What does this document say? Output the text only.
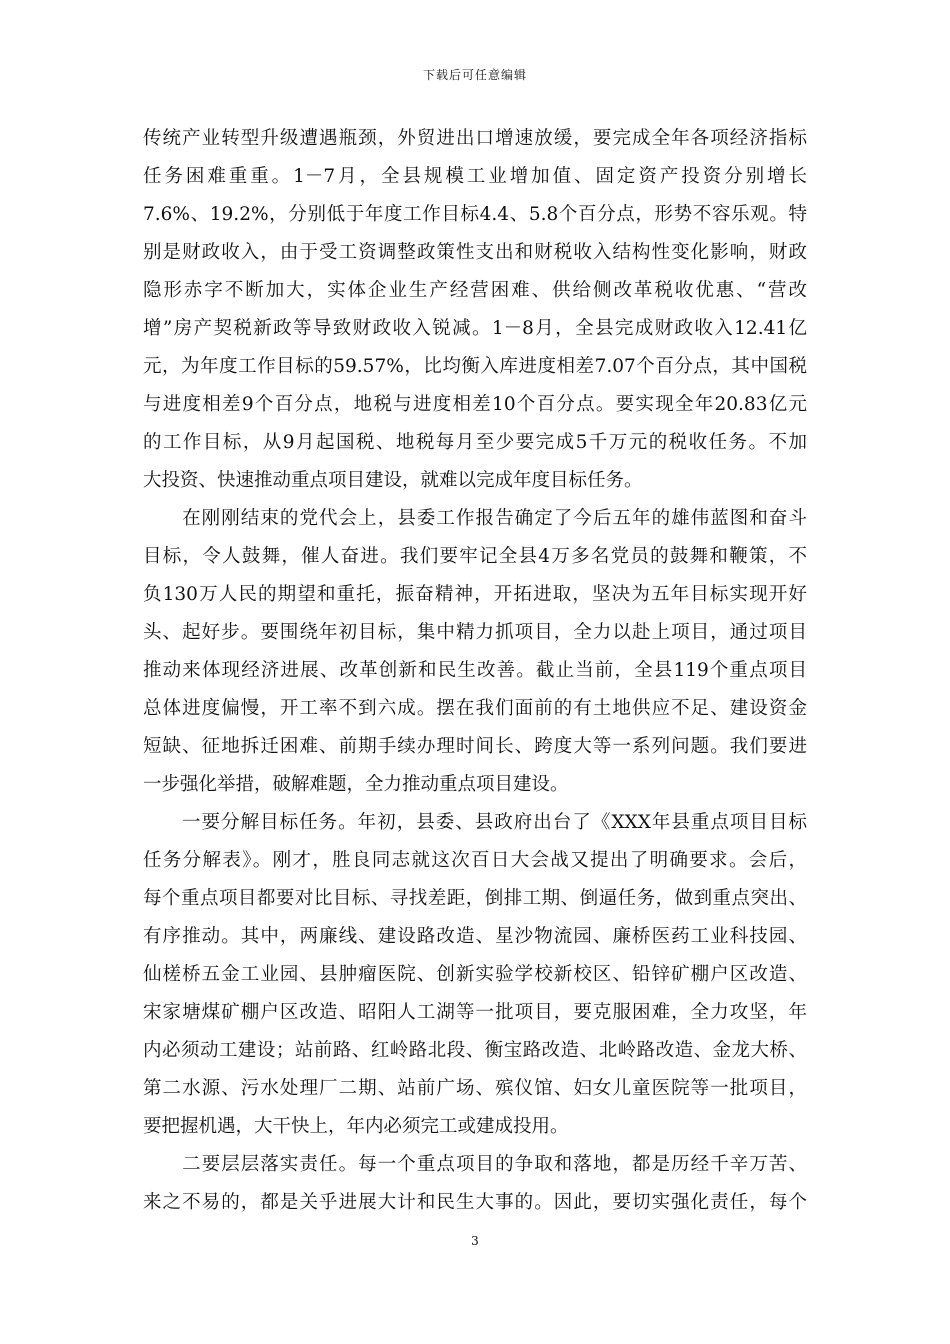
下载后可任意编辑
传统产业转型升级遭遇瓶颈，外贸进出口增速放缓，要完成全年各项经济指标
任务困难重重。1－7月，全县规模工业增加值、固定资产投资分别增长
7.6%、19.2%，分别低于年度工作目标4.4、5.8个百分点，形势不容乐观。特
别是财政收入，由于受工资调整政策性支出和财税收入结构性变化影响，财政
隐形赤字不断加大，实体企业生产经营困难、供给侧改革税收优惠、“营改
增”房产契税新政等导致财政收入锐减。1－8月，全县完成财政收入12.41亿
元，为年度工作目标的59.57%，比均衡入库进度相差7.07个百分点，其中国税
与进度相差9个百分点，地税与进度相差10个百分点。要实现全年20.83亿元
的工作目标，从9月起国税、地税每月至少要完成5千万元的税收任务。不加
大投资、快速推动重点项目建设，就难以完成年度目标任务。
　　在刚刚结束的党代会上，县委工作报告确定了今后五年的雄伟蓝图和奋斗
目标，令人鼓舞，催人奋进。我们要牢记全县4万多名党员的鼓舞和鞭策，不
负130万人民的期望和重托，振奋精神，开拓进取，坚决为五年目标实现开好
头、起好步。要围绕年初目标，集中精力抓项目，全力以赴上项目，通过项目
推动来体现经济进展、改革创新和民生改善。截止当前，全县119个重点项目
总体进度偏慢，开工率不到六成。摆在我们面前的有土地供应不足、建设资金
短缺、征地拆迁困难、前期手续办理时间长、跨度大等一系列问题。我们要进
一步强化举措，破解难题，全力推动重点项目建设。
　　一要分解目标任务。年初，县委、县政府出台了《XXX年县重点项目目标
任务分解表》。刚才，胜良同志就这次百日大会战又提出了明确要求。会后，
每个重点项目都要对比目标、寻找差距，倒排工期、倒逼任务，做到重点突出、
有序推动。其中，两廉线、建设路改造、星沙物流园、廉桥医药工业科技园、
仙槎桥五金工业园、县肿瘤医院、创新实验学校新校区、铅锌矿棚户区改造、
宋家塘煤矿棚户区改造、昭阳人工湖等一批项目，要克服困难，全力攻坚，年
内必须动工建设；站前路、红岭路北段、衡宝路改造、北岭路改造、金龙大桥、
第二水源、污水处理厂二期、站前广场、殡仪馆、妇女儿童医院等一批项目，
要把握机遇，大干快上，年内必须完工或建成投用。
　　二要层层落实责任。每一个重点项目的争取和落地，都是历经千辛万苦、
来之不易的，都是关乎进展大计和民生大事的。因此，要切实强化责任，每个
3
